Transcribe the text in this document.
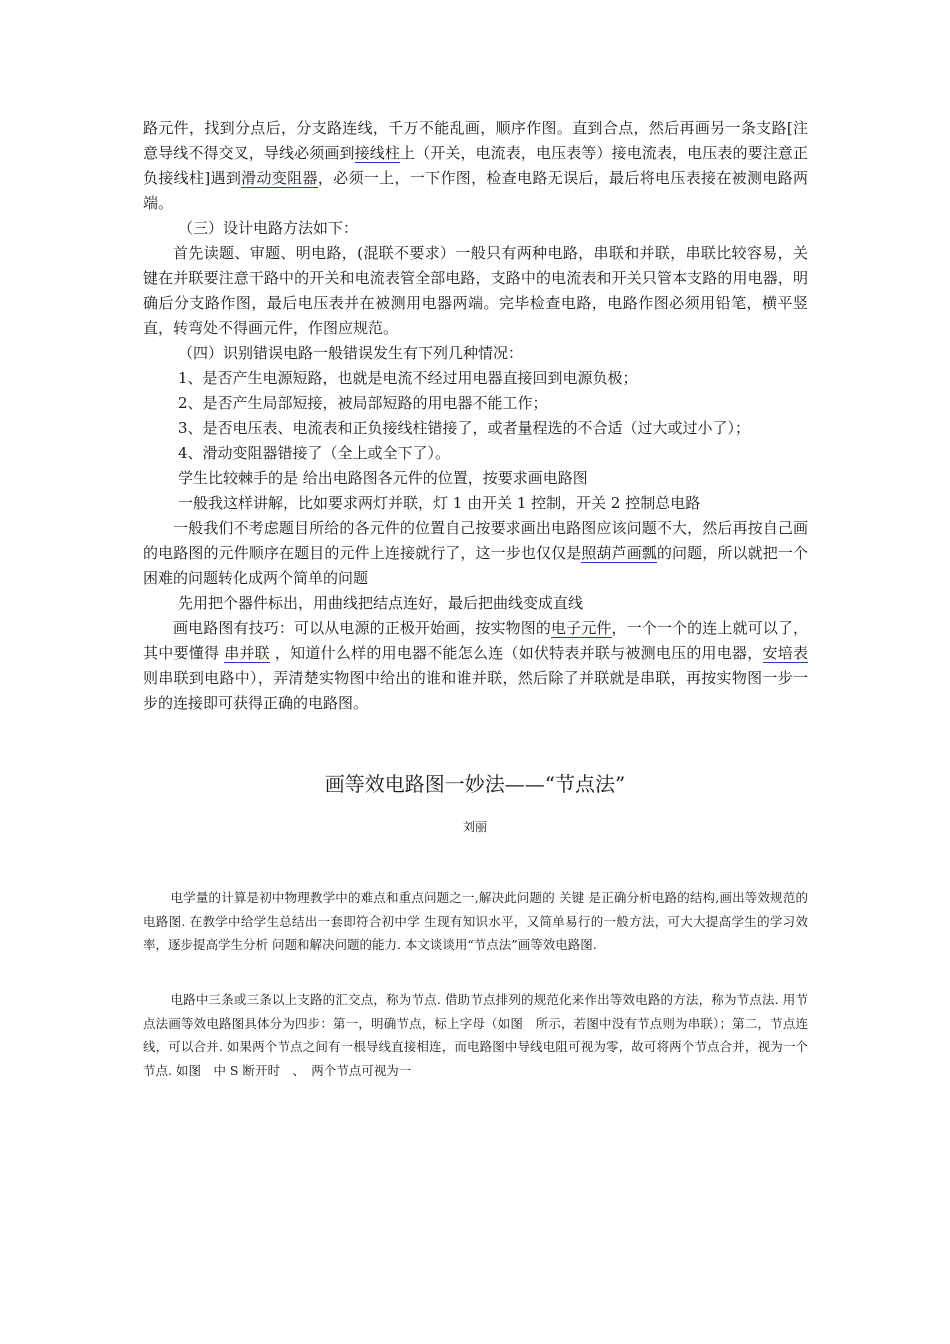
路元件，找到分点后，分支路连线，千万不能乱画，顺序作图。直到合点，然后再画另一条支路[注意导线不得交叉，导线必须画到接线柱上（开关，电流表，电压表等）接电流表，电压表的要注意正负接线柱]遇到滑动变阻器，必须一上，一下作图，检查电路无误后，最后将电压表接在被测电路两端。

（三）设计电路方法如下：

首先读题、审题、明电路，(混联不要求）一般只有两种电路，串联和并联，串联比较容易，关键在并联要注意干路中的开关和电流表管全部电路，支路中的电流表和开关只管本支路的用电器，明确后分支路作图，最后电压表并在被测用电器两端。完毕检查电路，电路作图必须用铅笔，横平竖直，转弯处不得画元件，作图应规范。

（四）识别错误电路一般错误发生有下列几种情况：

1、是否产生电源短路，也就是电流不经过用电器直接回到电源负极；

2、是否产生局部短接，被局部短路的用电器不能工作；

3、是否电压表、电流表和正负接线柱错接了，或者量程选的不合适（过大或过小了）；

4、滑动变阻器错接了（全上或全下了）。

学生比较棘手的是 给出电路图各元件的位置，按要求画电路图

一般我这样讲解，比如要求两灯并联，灯 1 由开关 1 控制，开关 2 控制总电路

一般我们不考虑题目所给的各元件的位置自己按要求画出电路图应该问题不大，然后再按自己画的电路图的元件顺序在题目的元件上连接就行了，这一步也仅仅是照葫芦画瓢的问题，所以就把一个困难的问题转化成两个简单的问题

先用把个器件标出，用曲线把结点连好，最后把曲线变成直线

画电路图有技巧：可以从电源的正极开始画，按实物图的电子元件，一个一个的连上就可以了，其中要懂得 串并联 ，知道什么样的用电器不能怎么连（如伏特表并联与被测电压的用电器，安培表则串联到电路中），弄清楚实物图中给出的谁和谁并联，然后除了并联就是串联，再按实物图一步一步的连接即可获得正确的电路图。

画等效电路图一妙法——“节点法”

刘丽

电学量的计算是初中物理教学中的难点和重点问题之一,解决此问题的 关键 是正确分析电路的结构,画出等效规范的电路图. 在教学中给学生总结出一套即符合初中学 生现有知识水平，又简单易行的一般方法，可大大提高学生的学习效率，逐步提高学生分析 问题和解决问题的能力. 本文谈谈用“节点法”画等效电路图.

电路中三条或三条以上支路的汇交点，称为节点. 借助节点排列的规范化来作出等效电路的方法，称为节点法. 用节点法画等效电路图具体分为四步：第一，明确节点，标上字母（如图　所示，若图中没有节点则为串联）；第二，节点连线，可以合并. 如果两个节点之间有一根导线直接相连，而电路图中导线电阻可视为零，故可将两个节点合并，视为一个节点. 如图　中 S 断开时　、　两个节点可视为一
